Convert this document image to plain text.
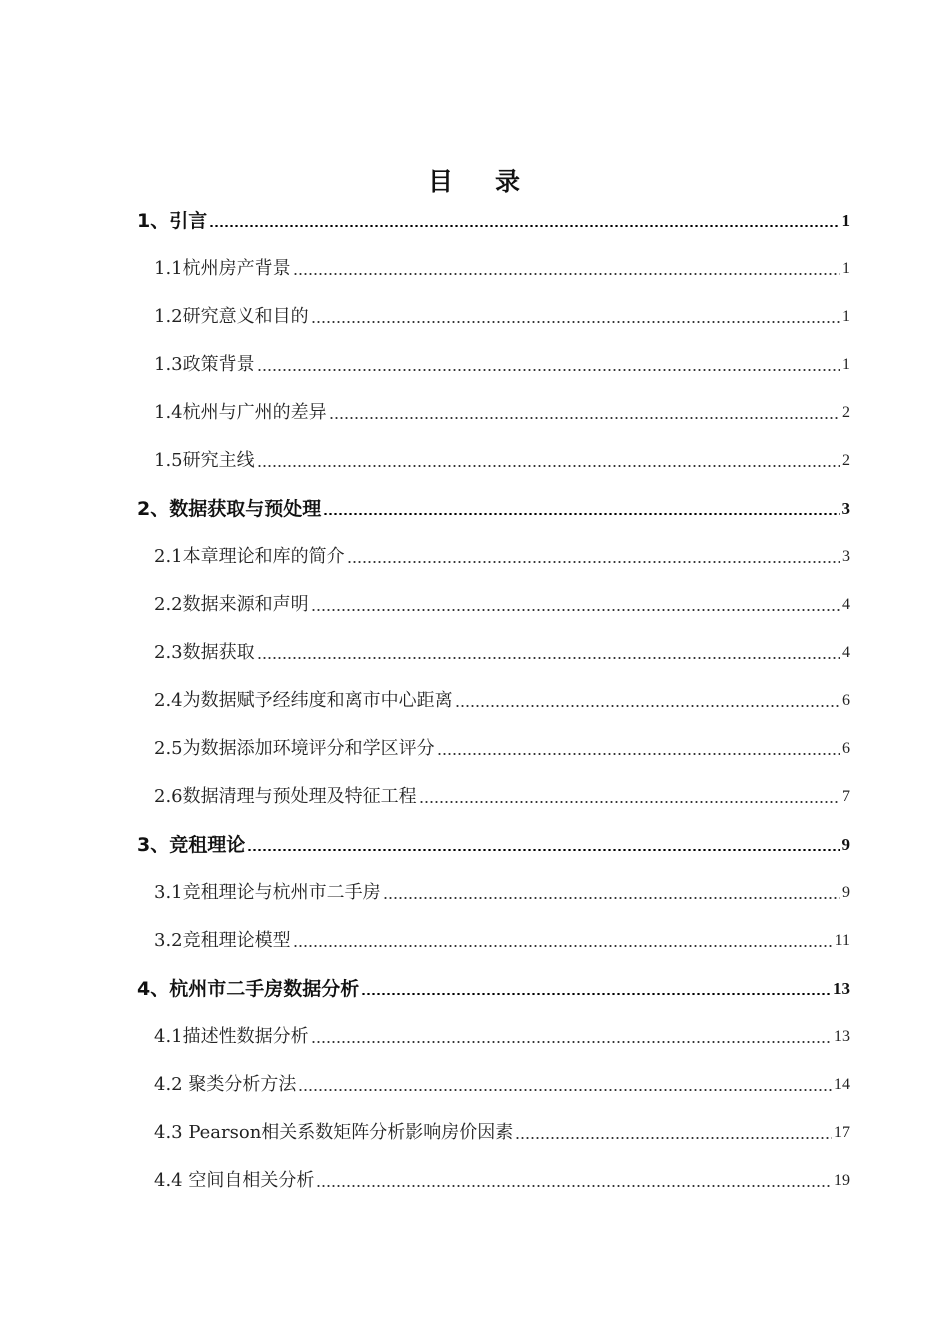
目录
1、引言	1
1.1杭州房产背景	1
1.2研究意义和目的	1
1.3政策背景	1
1.4杭州与广州的差异	2
1.5研究主线	2
2、数据获取与预处理	3
2.1本章理论和库的简介	3
2.2数据来源和声明	4
2.3数据获取	4
2.4为数据赋予经纬度和离市中心距离	6
2.5为数据添加环境评分和学区评分	6
2.6数据清理与预处理及特征工程	7
3、竞租理论	9
3.1竞租理论与杭州市二手房	9
3.2竞租理论模型	11
4、杭州市二手房数据分析	13
4.1描述性数据分析	13
4.2 聚类分析方法	14
4.3 Pearson相关系数矩阵分析影响房价因素	17
4.4 空间自相关分析	19
